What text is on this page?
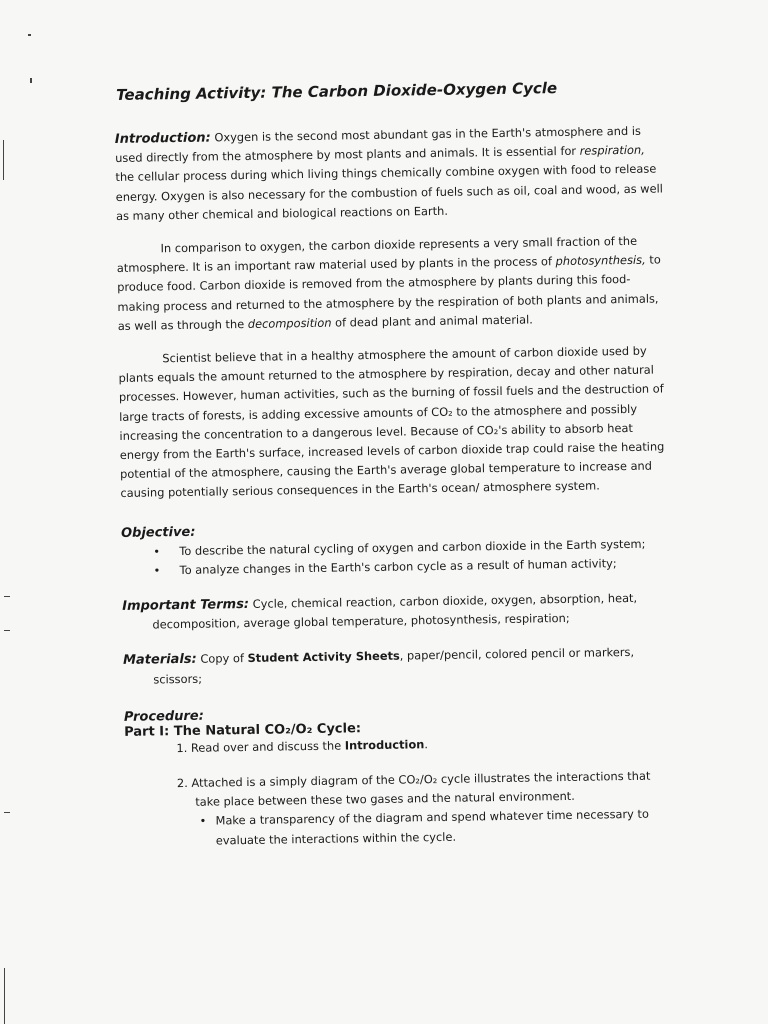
Teaching Activity: The Carbon Dioxide-Oxygen Cycle

Introduction: Oxygen is the second most abundant gas in the Earth's atmosphere and is used directly from the atmosphere by most plants and animals. It is essential for respiration, the cellular process during which living things chemically combine oxygen with food to release energy. Oxygen is also necessary for the combustion of fuels such as oil, coal and wood, as well as many other chemical and biological reactions on Earth.

In comparison to oxygen, the carbon dioxide represents a very small fraction of the atmosphere. It is an important raw material used by plants in the process of photosynthesis, to produce food. Carbon dioxide is removed from the atmosphere by plants during this food-making process and returned to the atmosphere by the respiration of both plants and animals, as well as through the decomposition of dead plant and animal material.

Scientist believe that in a healthy atmosphere the amount of carbon dioxide used by plants equals the amount returned to the atmosphere by respiration, decay and other natural processes. However, human activities, such as the burning of fossil fuels and the destruction of large tracts of forests, is adding excessive amounts of CO₂ to the atmosphere and possibly increasing the concentration to a dangerous level. Because of CO₂'s ability to absorb heat energy from the Earth's surface, increased levels of carbon dioxide trap could raise the heating potential of the atmosphere, causing the Earth's average global temperature to increase and causing potentially serious consequences in the Earth's ocean/ atmosphere system.

Objective:
• To describe the natural cycling of oxygen and carbon dioxide in the Earth system;
• To analyze changes in the Earth's carbon cycle as a result of human activity;

Important Terms: Cycle, chemical reaction, carbon dioxide, oxygen, absorption, heat, decomposition, average global temperature, photosynthesis, respiration;

Materials: Copy of Student Activity Sheets, paper/pencil, colored pencil or markers, scissors;

Procedure:
Part I: The Natural CO₂/O₂ Cycle:
1. Read over and discuss the Introduction.
2. Attached is a simply diagram of the CO₂/O₂ cycle illustrates the interactions that take place between these two gases and the natural environment.
• Make a transparency of the diagram and spend whatever time necessary to evaluate the interactions within the cycle.
